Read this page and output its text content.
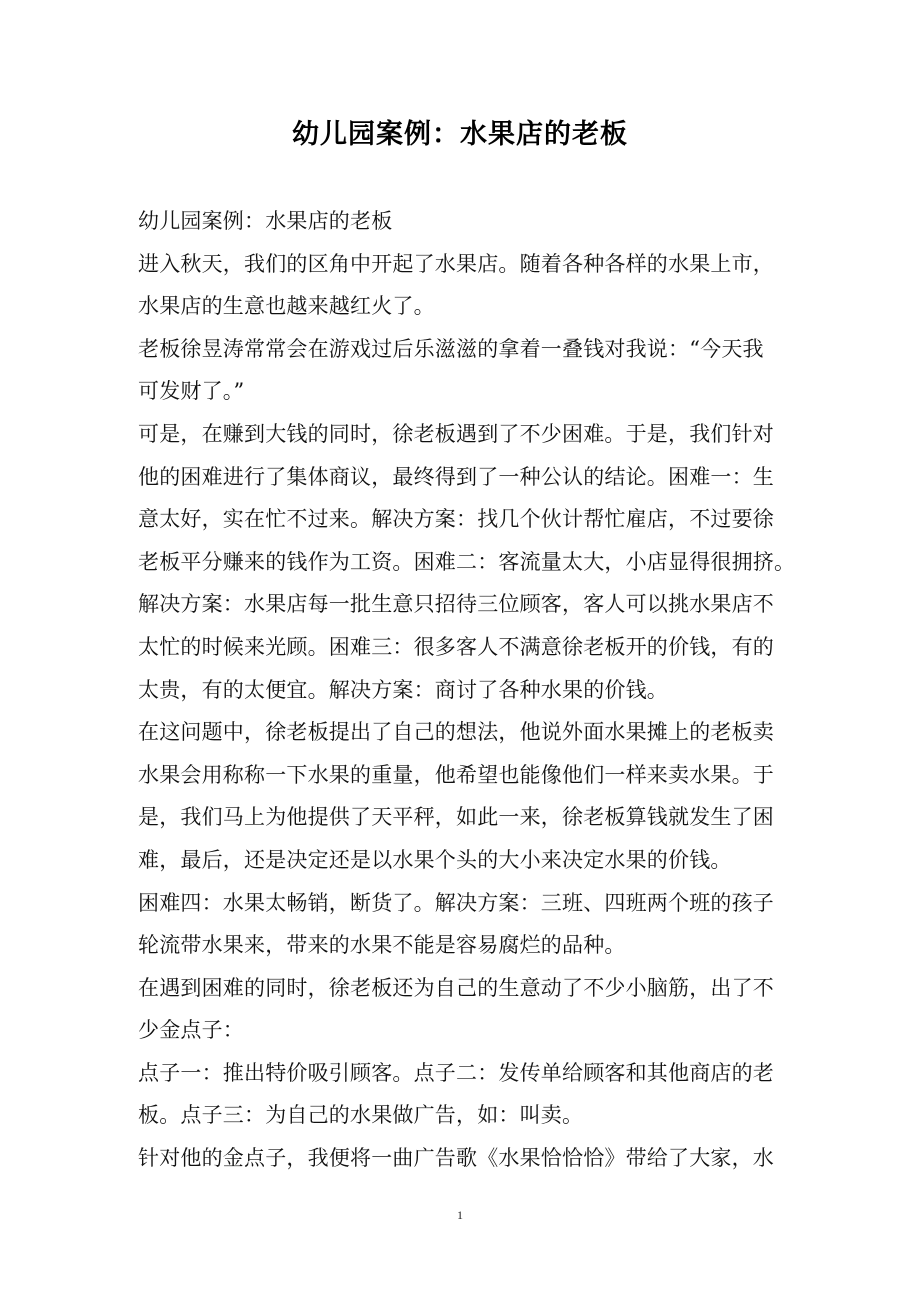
幼儿园案例：水果店的老板
幼儿园案例：水果店的老板
进入秋天，我们的区角中开起了水果店。随着各种各样的水果上市，
水果店的生意也越来越红火了。
老板徐昱涛常常会在游戏过后乐滋滋的拿着一叠钱对我说：“今天我
可发财了。”
可是，在赚到大钱的同时，徐老板遇到了不少困难。于是，我们针对
他的困难进行了集体商议，最终得到了一种公认的结论。困难一：生
意太好，实在忙不过来。解决方案：找几个伙计帮忙雇店，不过要徐
老板平分赚来的钱作为工资。困难二：客流量太大，小店显得很拥挤。
解决方案：水果店每一批生意只招待三位顾客，客人可以挑水果店不
太忙的时候来光顾。困难三：很多客人不满意徐老板开的价钱，有的
太贵，有的太便宜。解决方案：商讨了各种水果的价钱。
在这问题中，徐老板提出了自己的想法，他说外面水果摊上的老板卖
水果会用称称一下水果的重量，他希望也能像他们一样来卖水果。于
是，我们马上为他提供了天平秤，如此一来，徐老板算钱就发生了困
难，最后，还是决定还是以水果个头的大小来决定水果的价钱。
困难四：水果太畅销，断货了。解决方案：三班、四班两个班的孩子
轮流带水果来，带来的水果不能是容易腐烂的品种。
在遇到困难的同时，徐老板还为自己的生意动了不少小脑筋，出了不
少金点子：
点子一：推出特价吸引顾客。点子二：发传单给顾客和其他商店的老
板。点子三：为自己的水果做广告，如：叫卖。
针对他的金点子，我便将一曲广告歌《水果恰恰恰》带给了大家，水
1
